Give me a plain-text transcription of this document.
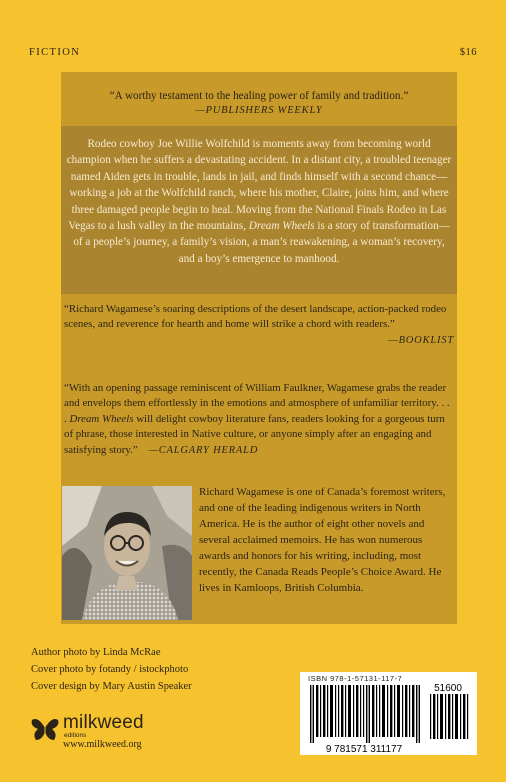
FICTION	$16
“A worthy testament to the healing power of family and tradition.”
—PUBLISHERS WEEKLY
Rodeo cowboy Joe Willie Wolfchild is moments away from becoming world champion when he suffers a devastating accident. In a distant city, a troubled teenager named Aiden gets in trouble, lands in jail, and finds himself with a second chance—working a job at the Wolfchild ranch, where his mother, Claire, joins him, and where three damaged people begin to heal. Moving from the National Finals Rodeo in Las Vegas to a lush valley in the mountains, Dream Wheels is a story of transformation—of a people’s journey, a family’s vision, a man’s reawakening, a woman’s recovery, and a boy’s emergence to manhood.
“Richard Wagamese’s soaring descriptions of the desert landscape, action-packed rodeo scenes, and reverence for hearth and home will strike a chord with readers.”
—BOOKLIST
“With an opening passage reminiscent of William Faulkner, Wagamese grabs the reader and envelops them effortlessly in the emotions and atmosphere of unfamiliar territory. . . . Dream Wheels will delight cowboy literature fans, readers looking for a gorgeous turn of phrase, those interested in Native culture, or anyone simply after an engaging and satisfying story.” —CALGARY HERALD
Richard Wagamese is one of Canada’s foremost writers, and one of the leading indigenous writers in North America. He is the author of eight other novels and several acclaimed memoirs. He has won numerous awards and honors for his writing, including, most recently, the Canada Reads People’s Choice Award. He lives in Kamloops, British Columbia.
Author photo by Linda McRae
Cover photo by fotandy / istockphoto
Cover design by Mary Austin Speaker
milkweed
editions
www.milkweed.org
ISBN 978-1-57131-117-7
51600
9 781571 311177
